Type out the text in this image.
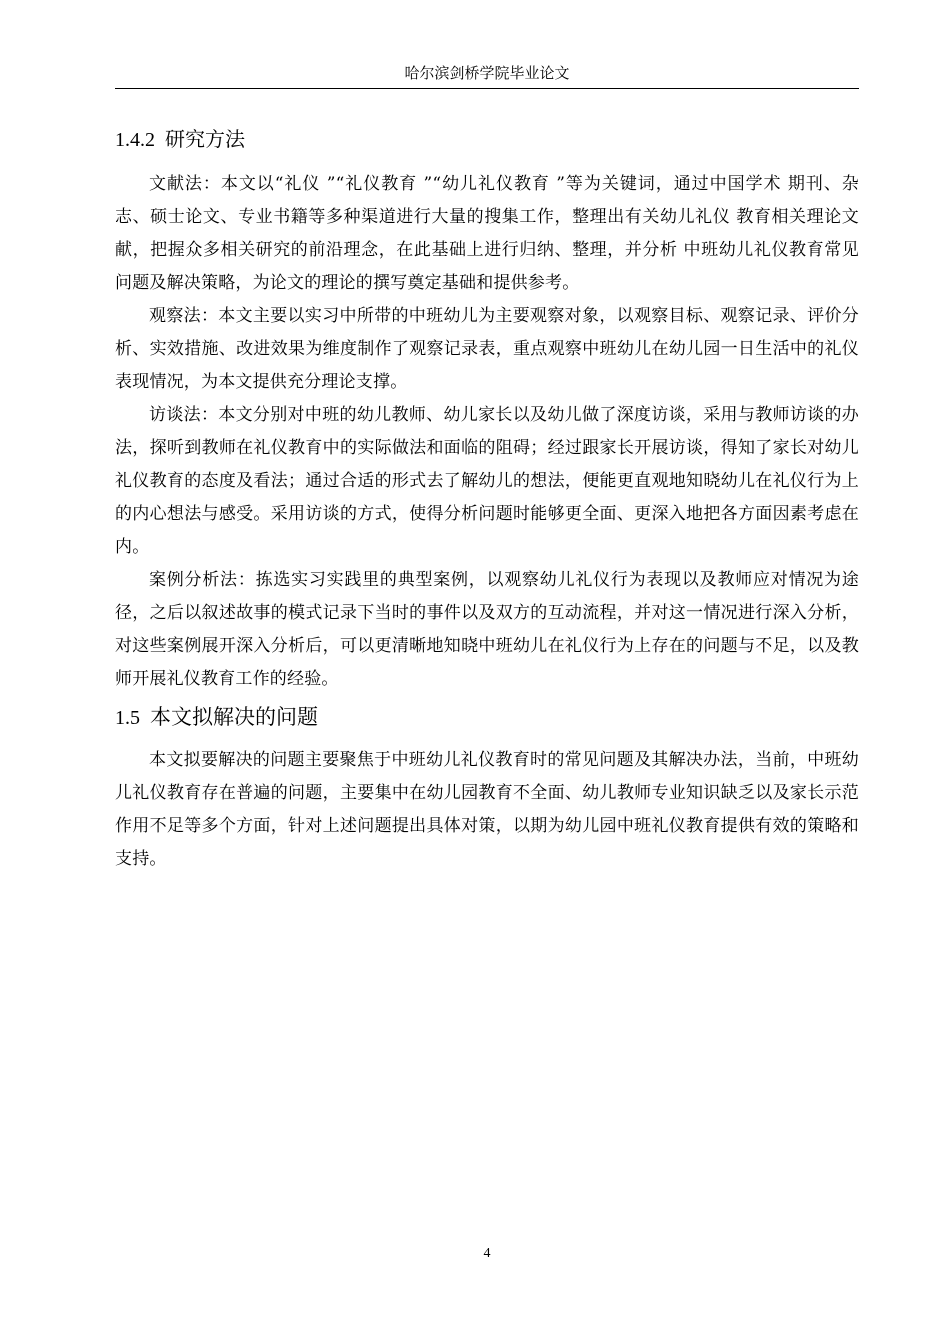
哈尔滨剑桥学院毕业论文
1.4.2 研究方法

文献法：本文以“礼仪 ”“礼仪教育 ”“幼儿礼仪教育 ”等为关键词，通过中国学术 期刊、杂志、硕士论文、专业书籍等多种渠道进行大量的搜集工作，整理出有关幼儿礼仪 教育相关理论文献，把握众多相关研究的前沿理念，在此基础上进行归纳、整理，并分析 中班幼儿礼仪教育常见问题及解决策略，为论文的理论的撰写奠定基础和提供参考。

观察法：本文主要以实习中所带的中班幼儿为主要观察对象，以观察目标、观察记录、评价分析、实效措施、改进效果为维度制作了观察记录表，重点观察中班幼儿在幼儿园一日生活中的礼仪表现情况，为本文提供充分理论支撑。

访谈法：本文分别对中班的幼儿教师、幼儿家长以及幼儿做了深度访谈，采用与教师访谈的办法，探听到教师在礼仪教育中的实际做法和面临的阻碍；经过跟家长开展访谈，得知了家长对幼儿礼仪教育的态度及看法；通过合适的形式去了解幼儿的想法，便能更直观地知晓幼儿在礼仪行为上的内心想法与感受。采用访谈的方式，使得分析问题时能够更全面、更深入地把各方面因素考虑在内。

案例分析法：拣选实习实践里的典型案例，以观察幼儿礼仪行为表现以及教师应对情况为途径，之后以叙述故事的模式记录下当时的事件以及双方的互动流程，并对这一情况进行深入分析，对这些案例展开深入分析后，可以更清晰地知晓中班幼儿在礼仪行为上存在的问题与不足，以及教师开展礼仪教育工作的经验。

1.5 本文拟解决的问题

本文拟要解决的问题主要聚焦于中班幼儿礼仪教育时的常见问题及其解决办法，当前，中班幼儿礼仪教育存在普遍的问题，主要集中在幼儿园教育不全面、幼儿教师专业知识缺乏以及家长示范作用不足等多个方面，针对上述问题提出具体对策，以期为幼儿园中班礼仪教育提供有效的策略和支持。

4
